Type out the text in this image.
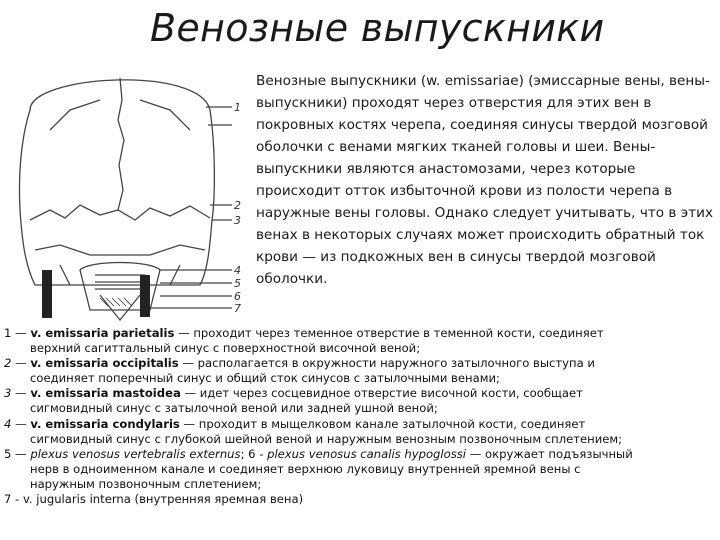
Венозные выпускники
1
2
3
4
5
6
7
Венозные выпускники (w. emissariae) (эмиссарные вены, вены-выпускники) проходят через отверстия для этих вен в покровных костях черепа, соединяя синусы твердой мозговой оболочки с венами мягких тканей головы и шеи. Вены-выпускники являются анастомозами, через которые происходит отток избыточной крови из полости черепа в наружные вены головы. Однако следует учитывать, что в этих венах в некоторых случаях может происходить обратный ток крови — из подкожных вен в синусы твердой мозговой оболочки.

1 — v. emissaria parietalis — проходит через теменное отверстие в теменной кости, соединяет
верхний сагиттальный синус с поверхностной височной веной;

2 — v. emissaria occipitalis — располагается в окружности наружного затылочного выступа и
соединяет поперечный синус и общий сток синусов с затылочными венами;

3 — v. emissaria mastoidea — идет через сосцевидное отверстие височной кости, сообщает
сигмовидный синус с затылочной веной или задней ушной веной;

4 — v. emissaria condylaris — проходит в мыщелковом канале затылочной кости, соединяет
сигмовидный синус с глубокой шейной веной и наружным венозным позвоночным сплетением;

5 — plexus venosus vertebralis externus; 6 - plexus venosus canalis hypoglossi — окружает подъязычный
нерв в одноименном канале и соединяет верхнюю луковицу внутренней яремной вены с
наружным позвоночным сплетением;

7 - v. jugularis interna (внутренняя яремная вена)
